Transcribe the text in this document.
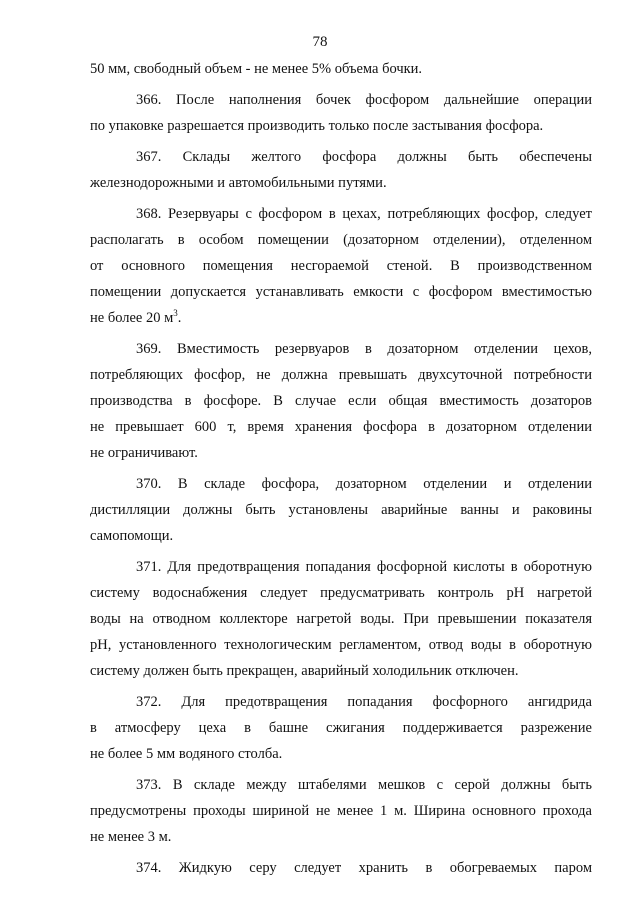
78
50 мм, свободный объем - не менее 5% объема бочки.
366. После наполнения бочек фосфором дальнейшие операции
по упаковке разрешается производить только после застывания фосфора.
367. Склады желтого фосфора должны быть обеспечены
железнодорожными и автомобильными путями.
368. Резервуары с фосфором в цехах, потребляющих фосфор, следует
располагать в особом помещении (дозаторном отделении), отделенном
от основного помещения несгораемой стеной. В производственном
помещении допускается устанавливать емкости с фосфором вместимостью
не более 20 $м^3$.
369. Вместимость резервуаров в дозаторном отделении цехов,
потребляющих фосфор, не должна превышать двухсуточной потребности
производства в фосфоре. В случае если общая вместимость дозаторов
не превышает 600 т, время хранения фосфора в дозаторном отделении
не ограничивают.
370. В складе фосфора, дозаторном отделении и отделении
дистилляции должны быть установлены аварийные ванны и раковины
самопомощи.
371. Для предотвращения попадания фосфорной кислоты в оборотную
систему водоснабжения следует предусматривать контроль pH нагретой
воды на отводном коллекторе нагретой воды. При превышении показателя
pH, установленного технологическим регламентом, отвод воды в оборотную
систему должен быть прекращен, аварийный холодильник отключен.
372. Для предотвращения попадания фосфорного ангидрида
в атмосферу цеха в башне сжигания поддерживается разрежение
не более 5 мм водяного столба.
373. В складе между штабелями мешков с серой должны быть
предусмотрены проходы шириной не менее 1 м. Ширина основного прохода
не менее 3 м.
374. Жидкую серу следует хранить в обогреваемых паром
